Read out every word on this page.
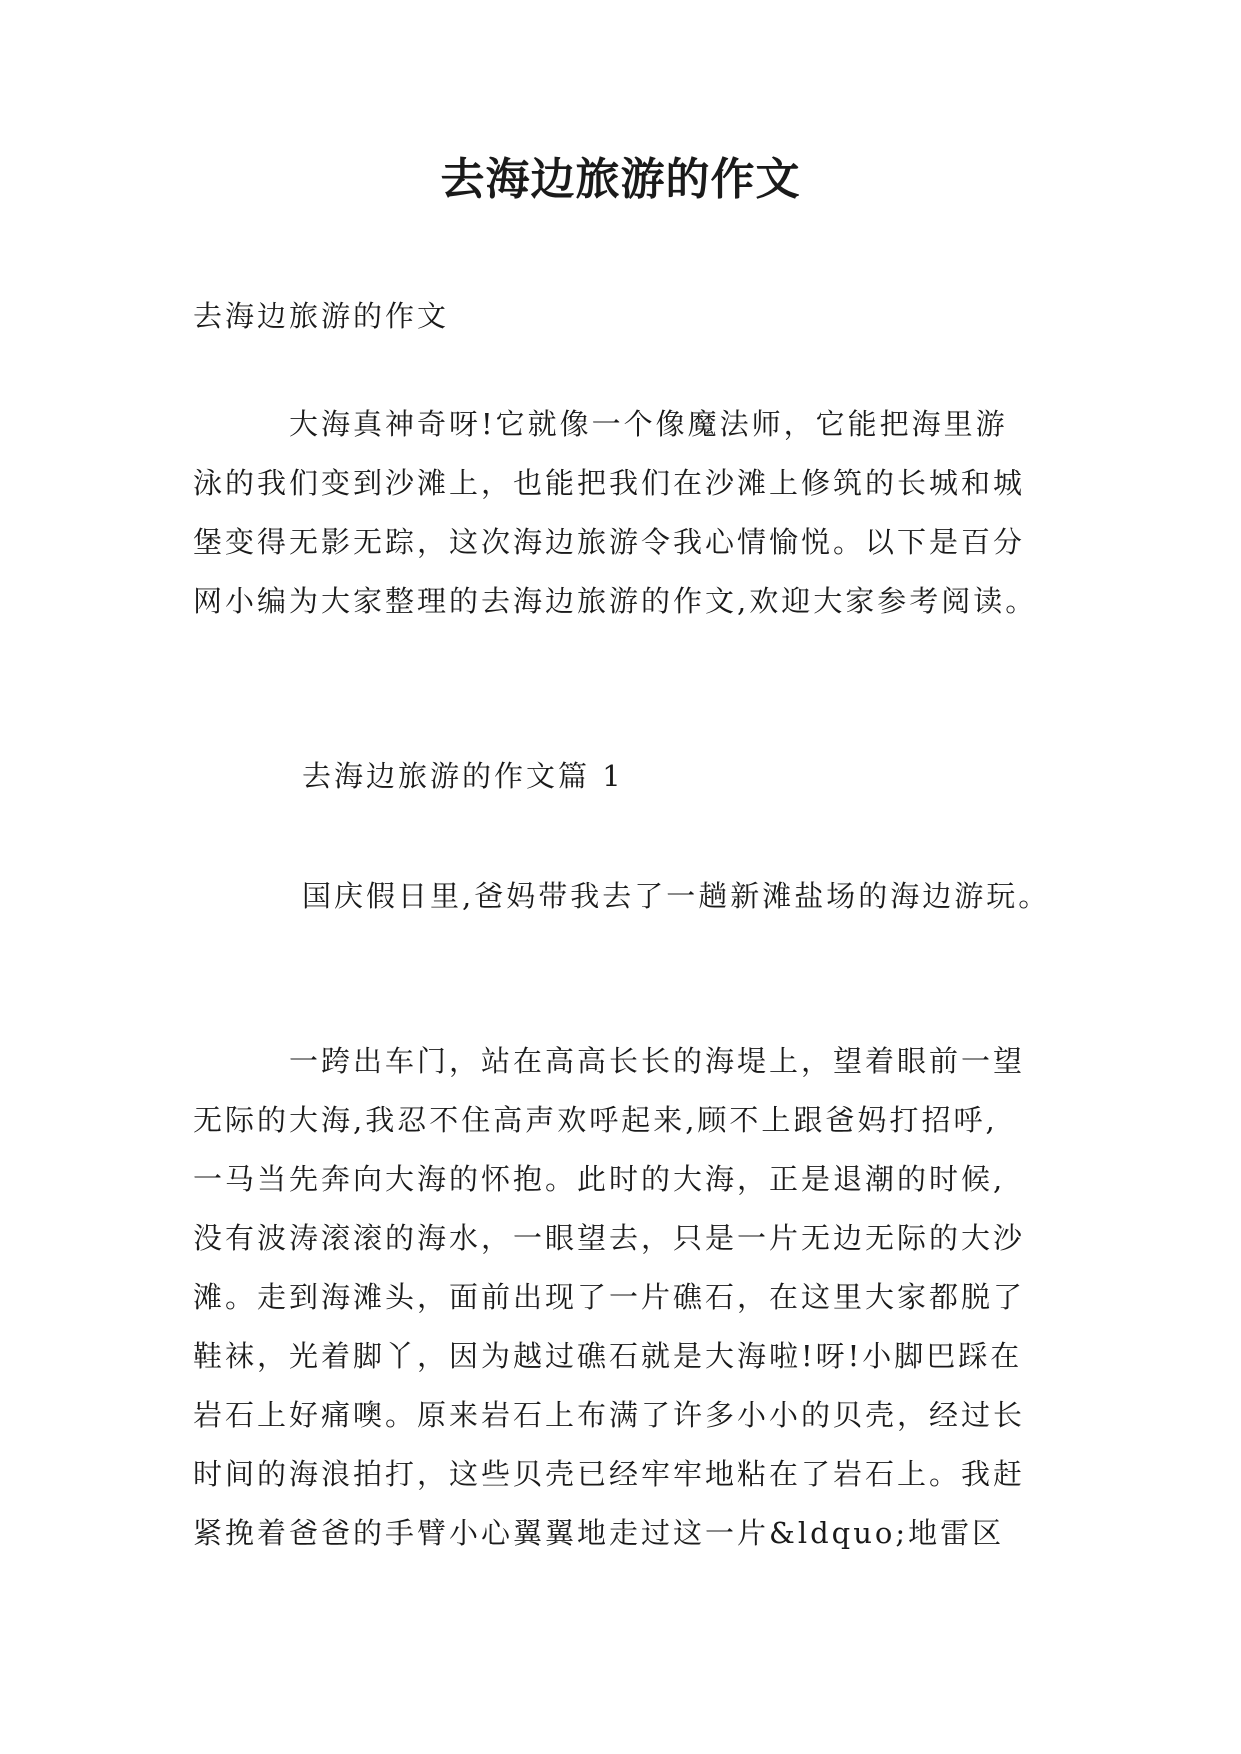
去海边旅游的作文

去海边旅游的作文

　　　大海真神奇呀!它就像一个像魔法师，它能把海里游
泳的我们变到沙滩上，也能把我们在沙滩上修筑的长城和城
堡变得无影无踪，这次海边旅游令我心情愉悦。以下是百分
网小编为大家整理的去海边旅游的作文,欢迎大家参考阅读。

去海边旅游的作文篇 1

国庆假日里,爸妈带我去了一趟新滩盐场的海边游玩。

　　　一跨出车门，站在高高长长的海堤上，望着眼前一望
无际的大海,我忍不住高声欢呼起来,顾不上跟爸妈打招呼,
一马当先奔向大海的怀抱。此时的大海，正是退潮的时候,
没有波涛滚滚的海水，一眼望去，只是一片无边无际的大沙
滩。走到海滩头，面前出现了一片礁石，在这里大家都脱了
鞋袜，光着脚丫，因为越过礁石就是大海啦!呀!小脚巴踩在
岩石上好痛噢。原来岩石上布满了许多小小的贝壳，经过长
时间的海浪拍打，这些贝壳已经牢牢地粘在了岩石上。我赶
紧挽着爸爸的手臂小心翼翼地走过这一片&ldquo;地雷区
